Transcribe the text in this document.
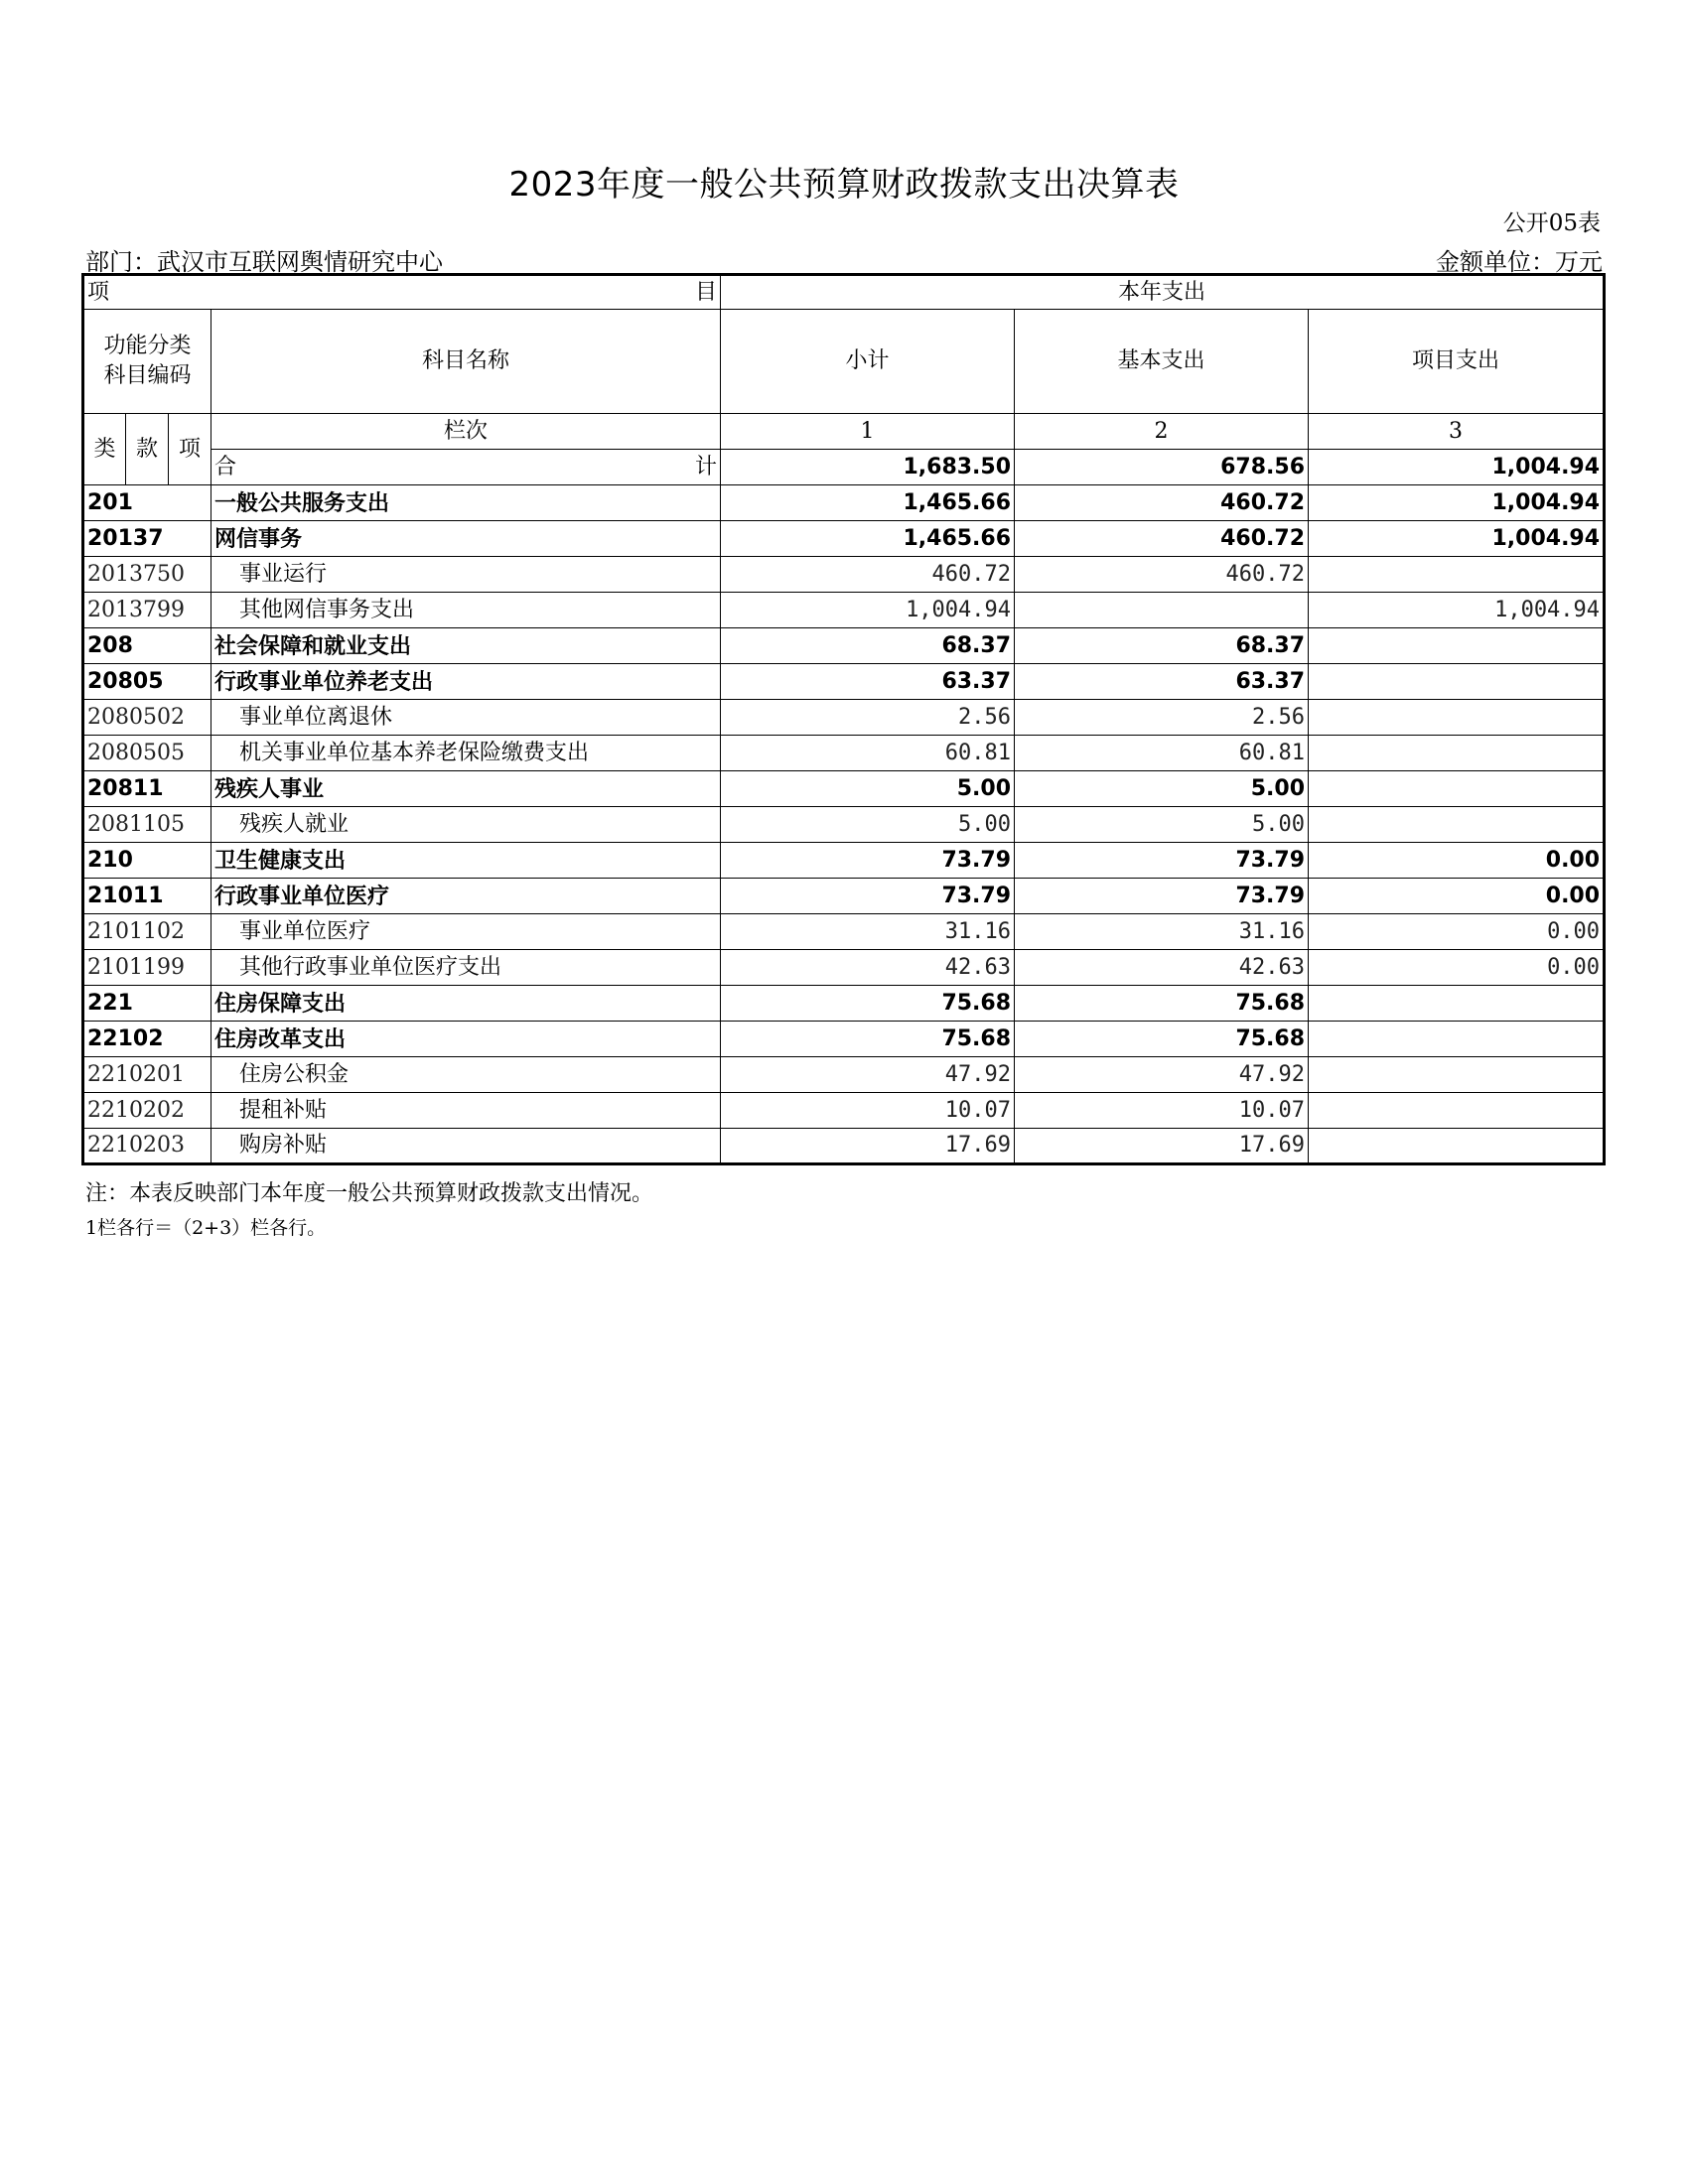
2023年度一般公共预算财政拨款支出决算表
公开05表
部门：武汉市互联网舆情研究中心	金额单位：万元
项 目				本年支出		
功能分类
科目编码			科目名称	小计	基本支出	项目支出
类	款	项	栏次	1	2	3

			合 计	1,683.50	678.56	1,004.94
201			一般公共服务支出	1,465.66	460.72	1,004.94
20137			网信事务	1,465.66	460.72	1,004.94
2013750			事业运行	460.72	460.72	
2013799			其他网信事务支出	1,004.94		1,004.94
208			社会保障和就业支出	68.37	68.37	
20805			行政事业单位养老支出	63.37	63.37	
2080502			事业单位离退休	2.56	2.56	
2080505			机关事业单位基本养老保险缴费支出	60.81	60.81	
20811			残疾人事业	5.00	5.00	
2081105			残疾人就业	5.00	5.00	
210			卫生健康支出	73.79	73.79	0.00
21011			行政事业单位医疗	73.79	73.79	0.00
2101102			事业单位医疗	31.16	31.16	0.00
2101199			其他行政事业单位医疗支出	42.63	42.63	0.00
221			住房保障支出	75.68	75.68	
22102			住房改革支出	75.68	75.68	
2210201			住房公积金	47.92	47.92	
2210202			提租补贴	10.07	10.07	
2210203			购房补贴	17.69	17.69	
注：本表反映部门本年度一般公共预算财政拨款支出情况。
1栏各行＝（2+3）栏各行。
